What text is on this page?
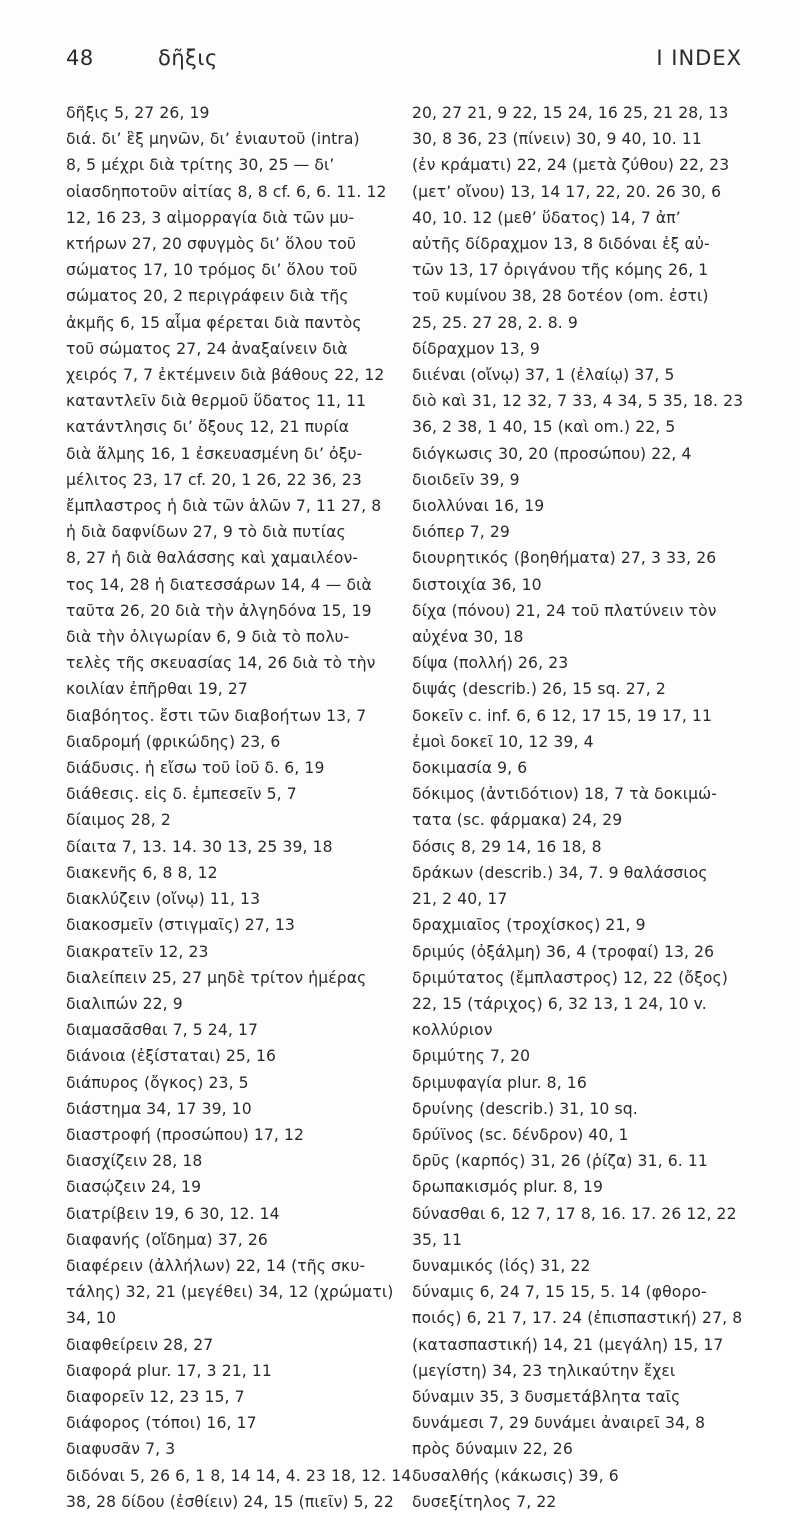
48	δῆξις	I INDEX
δῆξις 5, 27 26, 19
διά. δι’ ἓξ μηνῶν, δι’ ἐνιαυτοῦ (intra)
8, 5 μέχρι διὰ τρίτης 30, 25 — δι’
οἰασδηποτοῦν αἰτίας 8, 8 cf. 6, 6. 11. 12
12, 16 23, 3 αἱμορραγία διὰ τῶν μυ-
κτήρων 27, 20 σφυγμὸς δι’ ὅλου τοῦ
σώματος 17, 10 τρόμος δι’ ὅλου τοῦ
σώματος 20, 2 περιγράφειν διὰ τῆς
ἀκμῆς 6, 15 αἷμα φέρεται διὰ παντὸς
τοῦ σώματος 27, 24 ἀναξαίνειν διὰ
χειρός 7, 7 ἐκτέμνειν διὰ βάθους 22, 12
καταντλεῖν διὰ θερμοῦ ὕδατος 11, 11
κατάντλησις δι’ ὄξους 12, 21 πυρία
διὰ ἅλμης 16, 1 ἐσκευασμένη δι’ ὀξυ-
μέλιτος 23, 17 cf. 20, 1 26, 22 36, 23
ἔμπλαστρος ἡ διὰ τῶν ἁλῶν 7, 11 27, 8
ἡ διὰ δαφνίδων 27, 9 τὸ διὰ πυτίας
8, 27 ἡ διὰ θαλάσσης καὶ χαμαιλέον-
τος 14, 28 ἡ διατεσσάρων 14, 4 — διὰ
ταῦτα 26, 20 διὰ τὴν ἀλγηδόνα 15, 19
διὰ τὴν ὀλιγωρίαν 6, 9 διὰ τὸ πολυ-
τελὲς τῆς σκευασίας 14, 26 διὰ τὸ τὴν
κοιλίαν ἐπῆρθαι 19, 27
διαβόητος. ἔστι τῶν διαβοήτων 13, 7
διαδρομή (φρικώδης) 23, 6
διάδυσις. ἡ εἴσω τοῦ ἰοῦ δ. 6, 19
διάθεσις. εἰς δ. ἐμπεσεῖν 5, 7
δίαιμος 28, 2
δίαιτα 7, 13. 14. 30 13, 25 39, 18
διακενῆς 6, 8 8, 12
διακλύζειν (οἴνῳ) 11, 13
διακοσμεῖν (στιγμαῖς) 27, 13
διακρατεῖν 12, 23
διαλείπειν 25, 27 μηδὲ τρίτον ἡμέρας
διαλιπών 22, 9
διαμασᾶσθαι 7, 5 24, 17
διάνοια (ἐξίσταται) 25, 16
διάπυρος (ὄγκος) 23, 5
διάστημα 34, 17 39, 10
διαστροφή (προσώπου) 17, 12
διασχίζειν 28, 18
διασῴζειν 24, 19
διατρίβειν 19, 6 30, 12. 14
διαφανής (οἴδημα) 37, 26
διαφέρειν (ἀλλήλων) 22, 14 (τῆς σκυ-
τάλης) 32, 21 (μεγέθει) 34, 12 (χρώματι)
34, 10
διαφθείρειν 28, 27
διαφορά plur. 17, 3 21, 11
διαφορεῖν 12, 23 15, 7
διάφορος (τόποι) 16, 17
διαφυσᾶν 7, 3
διδόναι 5, 26 6, 1 8, 14 14, 4. 23 18, 12. 14
38, 28 δίδου (ἐσθίειν) 24, 15 (πιεῖν) 5, 22
20, 27 21, 9 22, 15 24, 16 25, 21 28, 13
30, 8 36, 23 (πίνειν) 30, 9 40, 10. 11
(ἐν κράματι) 22, 24 (μετὰ ζύθου) 22, 23
(μετ’ οἴνου) 13, 14 17, 22, 20. 26 30, 6
40, 10. 12 (μεθ’ ὕδατος) 14, 7 ἀπ’
αὐτῆς δίδραχμον 13, 8 διδόναι ἐξ αὐ-
τῶν 13, 17 ὀριγάνου τῆς κόμης 26, 1
τοῦ κυμίνου 38, 28 δοτέον (om. ἐστι)
25, 25. 27 28, 2. 8. 9
δίδραχμον 13, 9
διιέναι (οἴνῳ) 37, 1 (ἐλαίῳ) 37, 5
διὸ καὶ 31, 12 32, 7 33, 4 34, 5 35, 18. 23
36, 2 38, 1 40, 15 (καὶ om.) 22, 5
διόγκωσις 30, 20 (προσώπου) 22, 4
διοιδεῖν 39, 9
διολλύναι 16, 19
διόπερ 7, 29
διουρητικός (βοηθήματα) 27, 3 33, 26
διστοιχία 36, 10
δίχα (πόνου) 21, 24 τοῦ πλατύνειν τὸν
αὐχένα 30, 18
δίψα (πολλή) 26, 23
διψάς (describ.) 26, 15 sq. 27, 2
δοκεῖν c. inf. 6, 6 12, 17 15, 19 17, 11
ἐμοὶ δοκεῖ 10, 12 39, 4
δοκιμασία 9, 6
δόκιμος (ἀντιδότιον) 18, 7 τὰ δοκιμώ-
τατα (sc. φάρμακα) 24, 29
δόσις 8, 29 14, 16 18, 8
δράκων (describ.) 34, 7. 9 θαλάσσιος
21, 2 40, 17
δραχμιαῖος (τροχίσκος) 21, 9
δριμύς (ὀξάλμη) 36, 4 (τροφαί) 13, 26
δριμύτατος (ἔμπλαστρος) 12, 22 (ὄξος)
22, 15 (τάριχος) 6, 32 13, 1 24, 10 v.
κολλύριον
δριμύτης 7, 20
δριμυφαγία plur. 8, 16
δρυίνης (describ.) 31, 10 sq.
δρύϊνος (sc. δένδρον) 40, 1
δρῦς (καρπός) 31, 26 (ῥίζα) 31, 6. 11
δρωπακισμός plur. 8, 19
δύνασθαι 6, 12 7, 17 8, 16. 17. 26 12, 22
35, 11
δυναμικός (ἰός) 31, 22
δύναμις 6, 24 7, 15 15, 5. 14 (φθορο-
ποιός) 6, 21 7, 17. 24 (ἐπισπαστική) 27, 8
(κατασπαστική) 14, 21 (μεγάλη) 15, 17
(μεγίστη) 34, 23 τηλικαύτην ἔχει
δύναμιν 35, 3 δυσμετάβλητα ταῖς
δυνάμεσι 7, 29 δυνάμει ἀναιρεῖ 34, 8
πρὸς δύναμιν 22, 26
δυσαλθής (κάκωσις) 39, 6
δυσεξίτηλος 7, 22
